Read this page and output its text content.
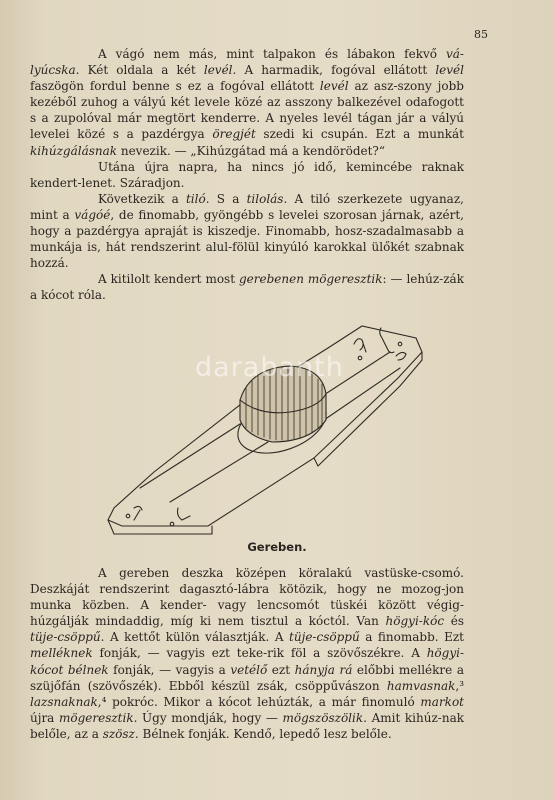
85

A vágó nem más, mint talpakon és lábakon fekvő vá-lyúcska. Két oldala a két levél. A harmadik, fogóval ellátott levél faszögön fordul benne s ez a fogóval ellátott levél az asz-szony jobb kezéből zuhog a vályú két levele közé az asszony balkezével odafogott s a zupolóval már megtört kenderre. A nyeles levél tágan jár a vályú levelei közé s a pazdérgya öregjét szedi ki csupán. Ezt a munkát kihúzgálásnak nevezik. — „Kihúzgátad má a kendörödet?“

Utána újra napra, ha nincs jó idő, kemincébe raknak kendert-lenet. Száradjon.

Következik a tiló. S a tilolás. A tiló szerkezete ugyanaz, mint a vágóé, de finomabb, gyöngébb s levelei szorosan járnak, azért, hogy a pazdérgya apraját is kiszedje. Finomabb, hosz-szadalmasabb a munkája is, hát rendszerint alul-fölül kinyúló karokkal ülőkét szabnak hozzá.

A kitilolt kendert most gerebenen mögeresztik: — lehúz-zák a kócot róla.

darabanth
Gereben.

A gereben deszka középen köralakú vastüske-csomó. Deszkáját rendszerint dagasztó-lábra kötözik, hogy ne mozog-jon munka közben. A kender- vagy lencsomót tüskéi között végig-húzgálják mindaddig, míg ki nem tisztul a kóctól. Van högyi-kóc és tüje-csöppű. A kettőt külön választják. A tüje-csöppű a finomabb. Ezt melléknek fonják, — vagyis ezt teke-rik föl a szövőszékre. A högyi-kócot bélnek fonják, — vagyis a vetélő ezt hányja rá előbbi mellékre a szüjőfán (szövőszék). Ebből készül zsák, csöppűvászon hamvasnak,³ lazsnaknak,⁴ pokróc. Mikor a kócot lehúzták, a már finomuló markot újra mögeresztik. Úgy mondják, hogy — mögszöszölik. Amit kihúz-nak belőle, az a szösz. Bélnek fonják. Kendő, lepedő lesz belőle.
